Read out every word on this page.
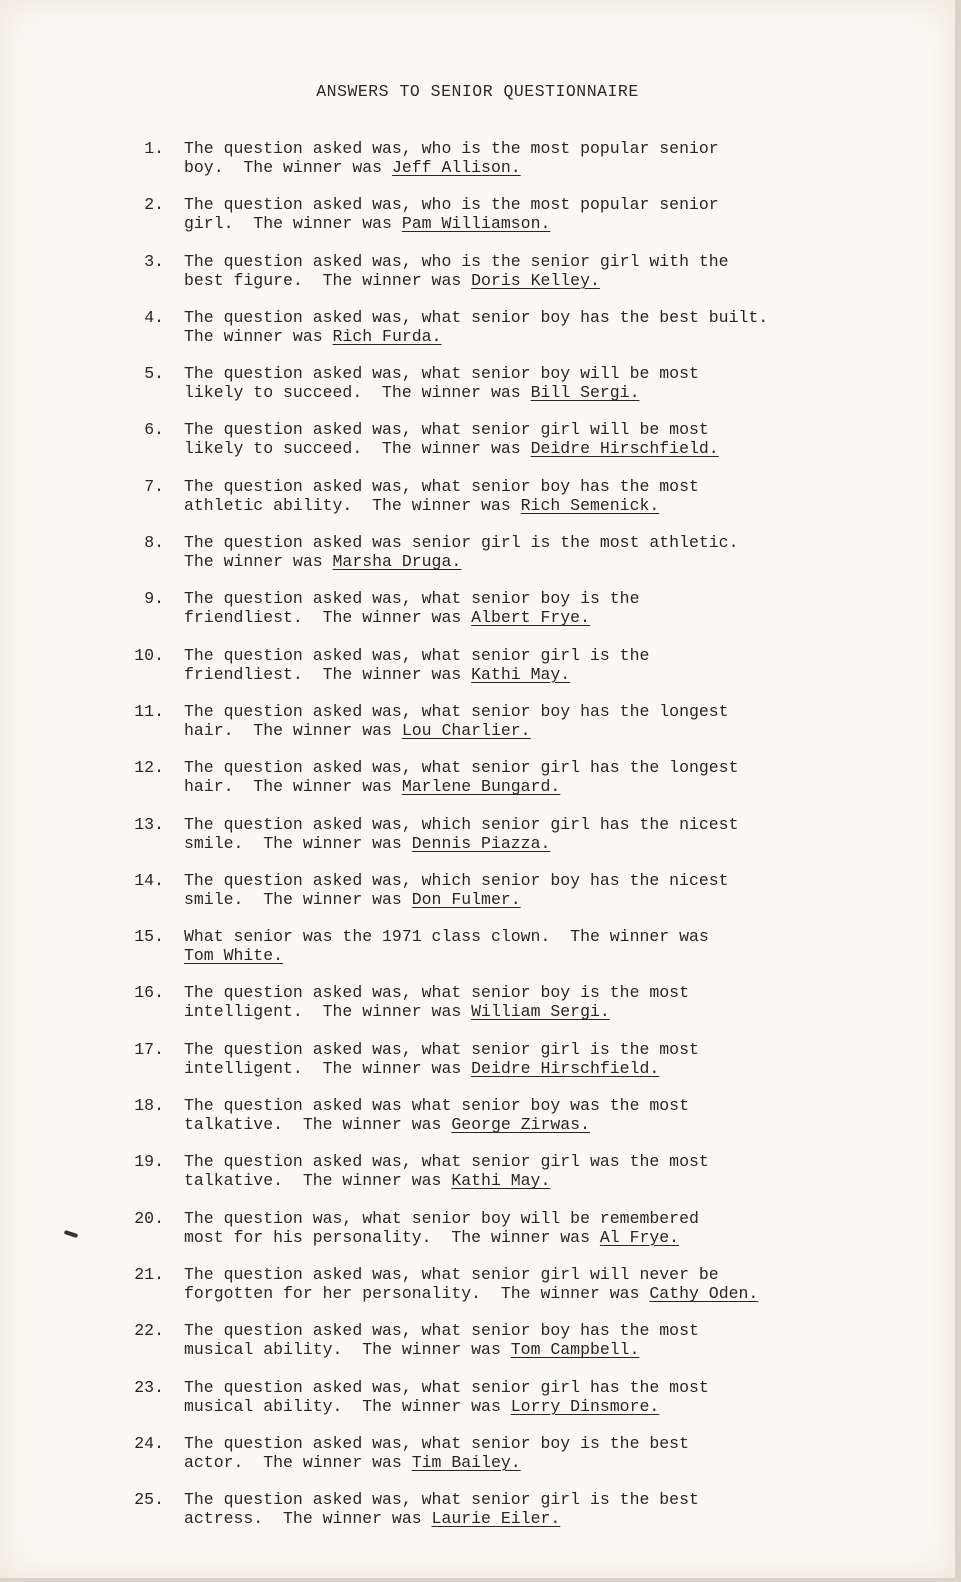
ANSWERS TO SENIOR QUESTIONNAIRE
1. The question asked was, who is the most popular senior
boy.  The winner was Jeff Allison.
2. The question asked was, who is the most popular senior
girl.  The winner was Pam Williamson.
3. The question asked was, who is the senior girl with the
best figure.  The winner was Doris Kelley.
4. The question asked was, what senior boy has the best built.
The winner was Rich Furda.
5. The question asked was, what senior boy will be most
likely to succeed.  The winner was Bill Sergi.
6. The question asked was, what senior girl will be most
likely to succeed.  The winner was Deidre Hirschfield.
7. The question asked was, what senior boy has the most
athletic ability.  The winner was Rich Semenick.
8. The question asked was senior girl is the most athletic.
The winner was Marsha Druga.
9. The question asked was, what senior boy is the
friendliest.  The winner was Albert Frye.
10. The question asked was, what senior girl is the
friendliest.  The winner was Kathi May.
11. The question asked was, what senior boy has the longest
hair.  The winner was Lou Charlier.
12. The question asked was, what senior girl has the longest
hair.  The winner was Marlene Bungard.
13. The question asked was, which senior girl has the nicest
smile.  The winner was Dennis Piazza.
14. The question asked was, which senior boy has the nicest
smile.  The winner was Don Fulmer.
15. What senior was the 1971 class clown.  The winner was
Tom White.
16. The question asked was, what senior boy is the most
intelligent.  The winner was William Sergi.
17. The question asked was, what senior girl is the most
intelligent.  The winner was Deidre Hirschfield.
18. The question asked was what senior boy was the most
talkative.  The winner was George Zirwas.
19. The question asked was, what senior girl was the most
talkative.  The winner was Kathi May.
20. The question was, what senior boy will be remembered
most for his personality.  The winner was Al Frye.
21. The question asked was, what senior girl will never be
forgotten for her personality.  The winner was Cathy Oden.
22. The question asked was, what senior boy has the most
musical ability.  The winner was Tom Campbell.
23. The question asked was, what senior girl has the most
musical ability.  The winner was Lorry Dinsmore.
24. The question asked was, what senior boy is the best
actor.  The winner was Tim Bailey.
25. The question asked was, what senior girl is the best
actress.  The winner was Laurie Eiler.
